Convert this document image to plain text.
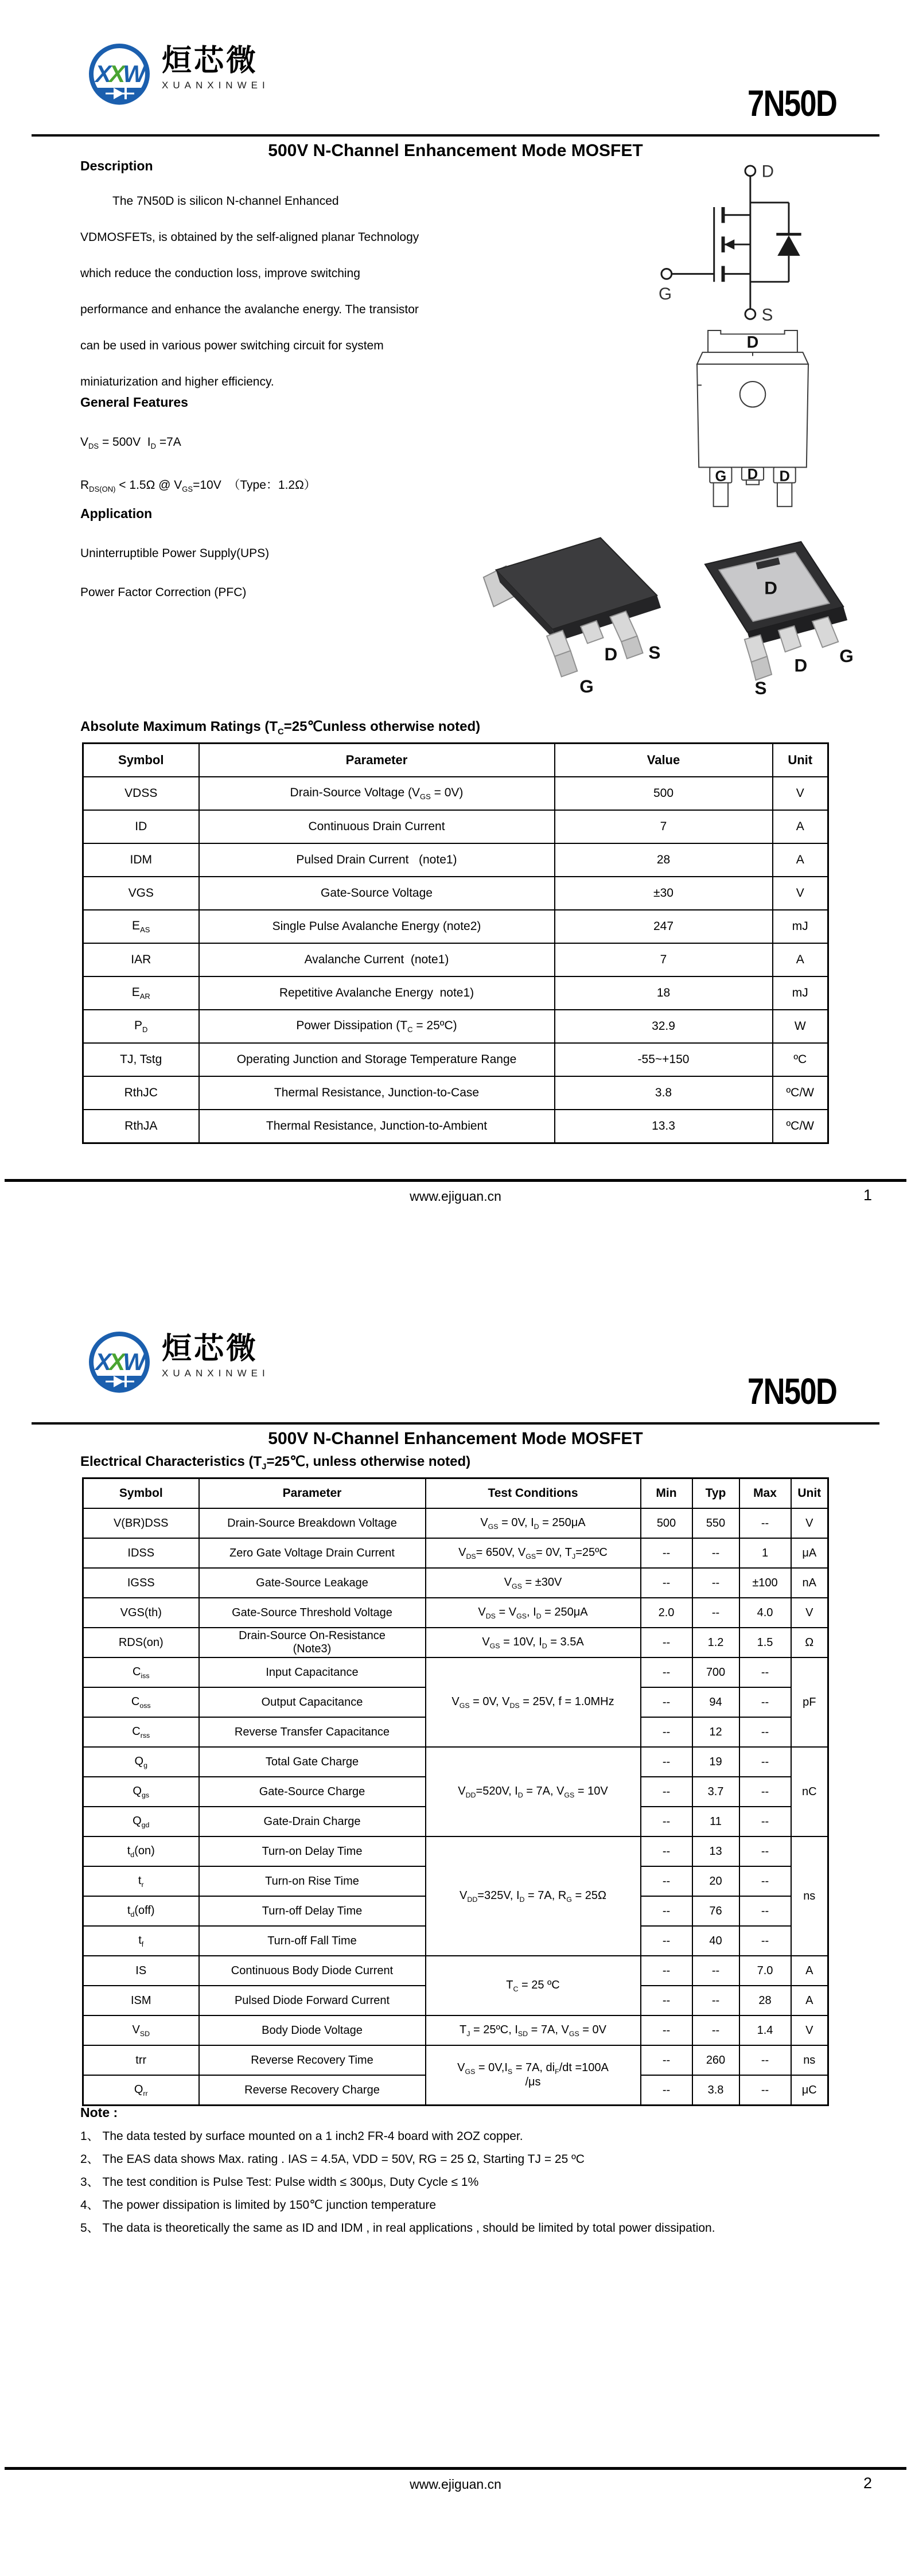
XXW 烜芯微
XUANXINWEI	7N50D
500V N-Channel Enhancement Mode MOSFET
Description
The 7N50D is silicon N-channel Enhanced
VDMOSFETs, is obtained by the self-aligned planar Technology
which reduce the conduction loss, improve switching
performance and enhance the avalanche energy. The transistor
can be used in various power switching circuit for system
miniaturization and higher efficiency.
General Features
$V_{DS} = 500V$  $I_D =7A$
$R_{DS(ON)} < 1.5\Omega$ @ $V_{GS}=10V$  （Type：1.2Ω）
Application
Uninterruptible Power Supply(UPS)
Power Factor Correction (PFC)
D
G
S
D
G D D
D S
G
D
S
D G
Absolute Maximum Ratings ($T_C=25℃unless$ otherwise noted)
Symbol	Parameter	Value	Unit
VDSS	Drain-Source Voltage $(V_{GS} = 0V)$	500	V
ID	Continuous Drain Current	7	A
IDM	Pulsed Drain Current   (note1)	28	A
VGS	Gate-Source Voltage	±30	V
$E_{AS}$	Single Pulse Avalanche Energy (note2)	247	mJ
IAR	Avalanche Current  (note1)	7	A
$E_{AR}$	Repetitive Avalanche Energy  note1)	18	mJ
$P_D$	Power Dissipation ($T_C$ = 25ºC)	32.9	W
TJ, Tstg	Operating Junction and Storage Temperature Range	-55~+150	ºC
RthJC	Thermal Resistance, Junction-to-Case	3.8	ºC/W
RthJA	Thermal Resistance, Junction-to-Ambient	13.3	ºC/W
www.ejiguan.cn	1
XXW 烜芯微
XUANXINWEI	7N50D
500V N-Channel Enhancement Mode MOSFET
Electrical Characteristics ($T_J=25℃$, unless otherwise noted)
Symbol	Parameter	Test Conditions	Min	Typ	Max	Unit
V(BR)DSS	Drain-Source Breakdown Voltage	$V_{GS} = 0V$, $I_D = 250\mu A$	500	550	--	V
IDSS	Zero Gate Voltage Drain Current	$V_{DS}= 650V$, $V_{GS}= 0V$, $T_J=25ºC$	--	--	1	μA
IGSS	Gate-Source Leakage	$V_{GS} = \pm 30V$	--	--	±100	nA
VGS(th)	Gate-Source Threshold Voltage	$V_{DS} = V_{GS}$, $I_D = 250\mu A$	2.0	--	4.0	V
RDS(on)	Drain-Source On-Resistance
(Note3)	$V_{GS} = 10V$, $I_D = 3.5A$	--	1.2	1.5	Ω
$C_{iss}$	Input Capacitance	$V_{GS} = 0V$, $V_{DS} = 25V$, f = 1.0MHz	--	700	--	pF
$C_{oss}$	Output Capacitance		--	94	--	
$C_{rss}$	Reverse Transfer Capacitance		--	12	--	
$Q_g$	Total Gate Charge	$V_{DD}=520V$, $I_D = 7A$, $V_{GS} = 10V$	--	19	--	nC
$Q_{gs}$	Gate-Source Charge		--	3.7	--	
$Q_{gd}$	Gate-Drain Charge		--	11	--	
$t_d(on)$	Turn-on Delay Time	$V_{DD}=325V$, $I_D = 7A$, $R_G = 25\Omega$	--	13	--	ns
$t_r$	Turn-on Rise Time		--	20	--	
$t_d(off)$	Turn-off Delay Time		--	76	--	
$t_f$	Turn-off Fall Time		--	40	--	
IS	Continuous Body Diode Current	$T_C = 25$ ºC	--	--	7.0	A
ISM	Pulsed Diode Forward Current		--	--	28	A
$V_{SD}$	Body Diode Voltage	$T_J$ = 25ºC, $I_{SD} = 7A$, $V_{GS} = 0V$	--	--	1.4	V
trr	Reverse Recovery Time	$V_{GS} = 0V,I_S = 7A$, $di_F/dt =100A$
/μs	--	260	--	ns
$Q_{rr}$	Reverse Recovery Charge		--	3.8	--	μC
Note :
1、 The data tested by surface mounted on a 1 inch2 FR-4 board with 2OZ copper.
2、 The EAS data shows Max. rating . IAS = 4.5A, VDD = 50V, RG = 25 Ω, Starting TJ = 25 ºC
3、 The test condition is Pulse Test: Pulse width ≤ 300μs, Duty Cycle ≤ 1%
4、 The power dissipation is limited by 150℃ junction temperature
5、 The data is theoretically the same as ID and IDM , in real applications , should be limited by total power dissipation.
www.ejiguan.cn	2
